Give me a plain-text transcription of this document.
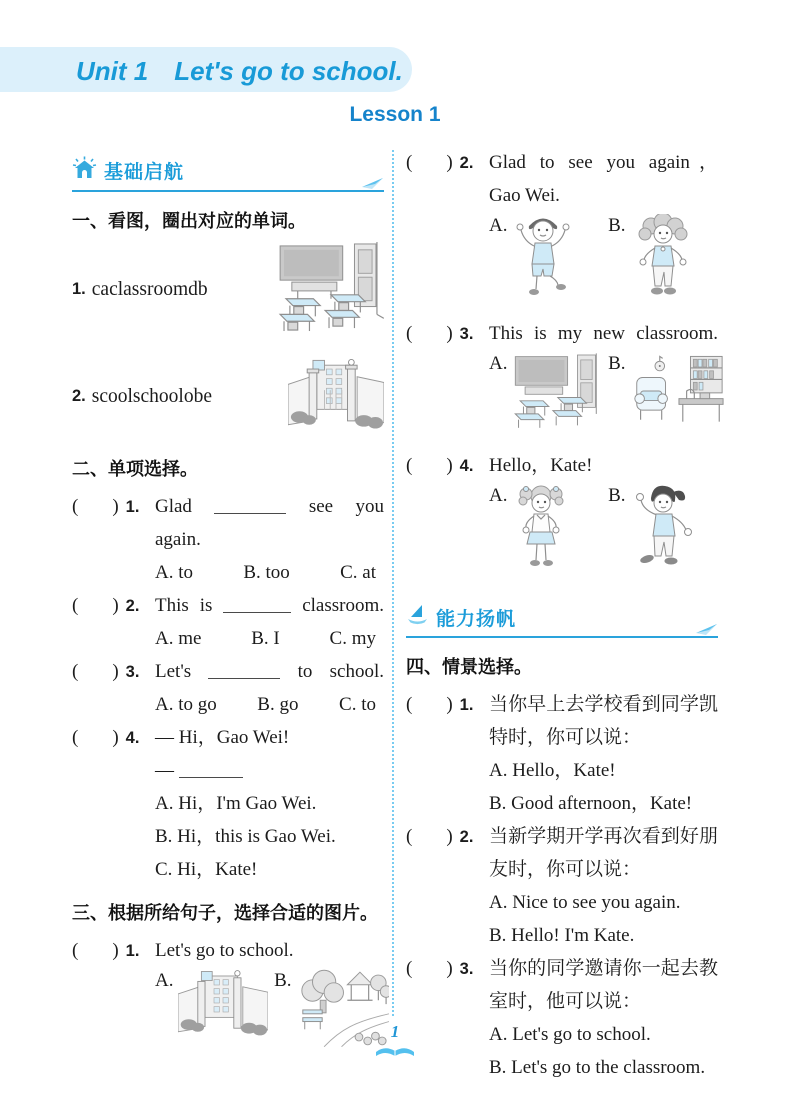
Unit 1　Let's go to school.
Lesson 1
基础启航
一、看图，圈出对应的单词。
1. caclassroomdb
2. scoolschoolobe
二、单项选择。
( ) 1. Glad	see you
again.
A. to	B. too	C. at
( ) 2. This is	classroom.
A. me	B. I	C. my
( ) 3. Let's	to school.
A. to go B. go C. to
( ) 4. — Hi，Gao Wei!
—
A. Hi，I'm Gao Wei.
B. Hi，this is Gao Wei.
C. Hi，Kate!
三、根据所给句子，选择合适的图片。
( ) 1. Let's go to school.
A.	B.
( ) 2. Glad to see you again，
Gao Wei.
A.	B.
( ) 3. This is my new classroom.
A.	B.
( ) 4. Hello，Kate!
A.	B.
能力扬帆
四、情景选择。
( ) 1. 当你早上去学校看到同学凯
特时，你可以说：
A. Hello，Kate!
B. Good afternoon，Kate!
( ) 2. 当新学期开学再次看到好朋
友时，你可以说：
A. Nice to see you again.
B. Hello! I'm Kate.
( ) 3. 当你的同学邀请你一起去教
室时，他可以说：
A. Let's go to school.
B. Let's go to the classroom.
1
